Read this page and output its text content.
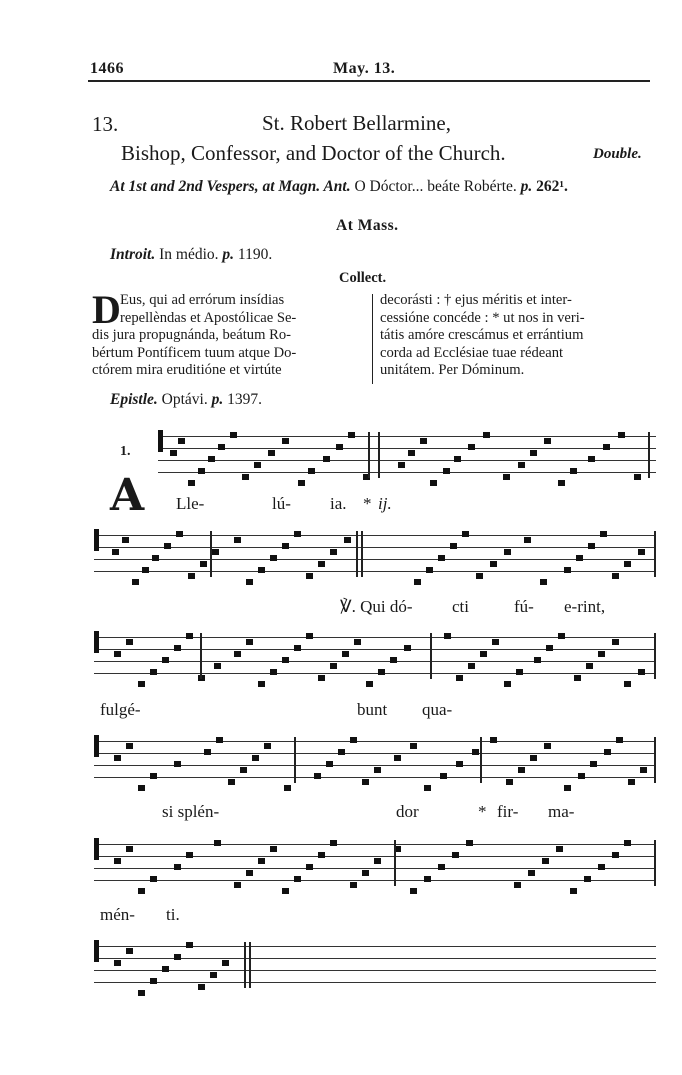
1466	May. 13.
13.	St. Robert Bellarmine,
Bishop, Confessor, and Doctor of the Church.	Double.
At 1st and 2nd Vespers, at Magn. Ant. O Dóctor... beáte Robérte. p. 262¹.
At Mass.
Introit. In médio. p. 1190.
Collect.
D Eus, qui ad errórum insídias
repellèndas et Apostólicae Se-
dis jura propugnánda, beátum Ro-
bértum Pontíficem tuum atque Do-
ctórem mira eruditióne et virtúte
decorásti : † ejus méritis et inter-
cessióne concéde : * ut nos in veri-
tátis amóre crescámus et errántium
corda ad Ecclésiae tuae rédeant
unitátem. Per Dóminum.
Epistle. Optávi. p. 1397.
1.
A Lle-	lú- ia. * ij.
℣. Qui dó- cti	fú- e-rint,
fulgé-	bunt qua-
si splén-	dor	* fir- ma-
mén- ti.
